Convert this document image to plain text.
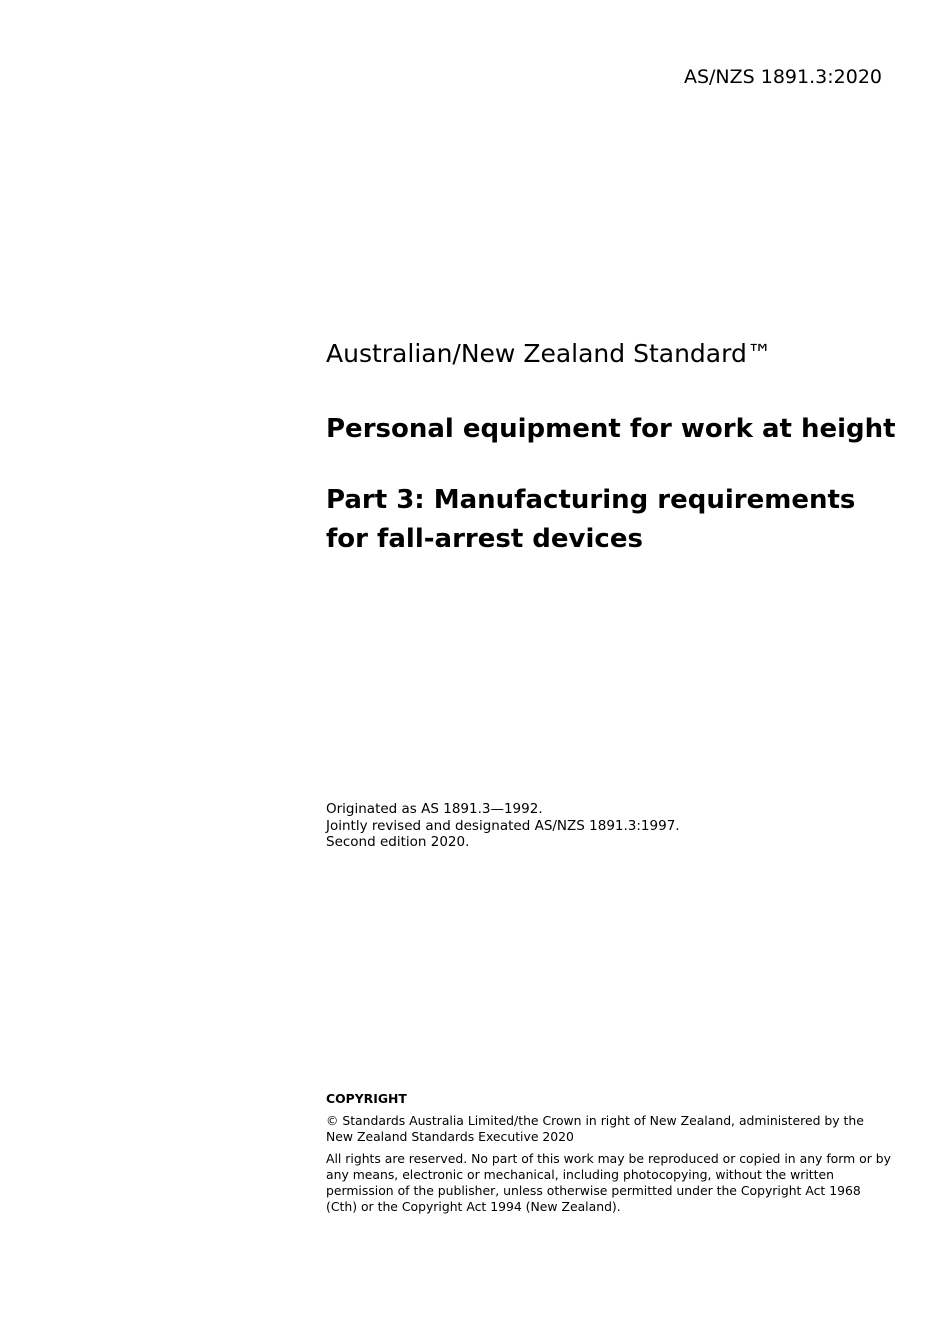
AS/NZS 1891.3:2020
Australian/New Zealand Standard™
Personal equipment for work at height
Part 3: Manufacturing requirements for fall-arrest devices
Originated as AS 1891.3—1992.
Jointly revised and designated AS/NZS 1891.3:1997.
Second edition 2020.

COPYRIGHT

© Standards Australia Limited/the Crown in right of New Zealand, administered by the New Zealand Standards Executive 2020

All rights are reserved. No part of this work may be reproduced or copied in any form or by any means, electronic or mechanical, including photocopying, without the written permission of the publisher, unless otherwise permitted under the Copyright Act 1968 (Cth) or the Copyright Act 1994 (New Zealand).
